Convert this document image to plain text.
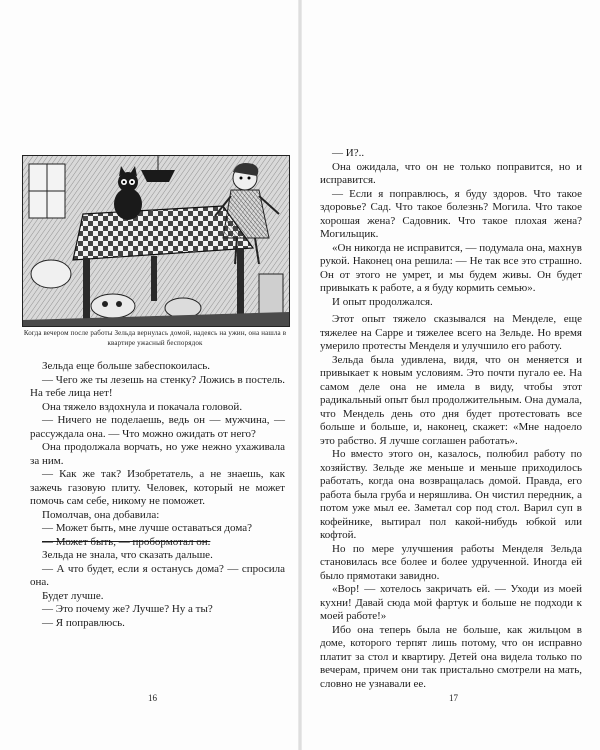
Когда вечером после работы Зельда вернулась домой, надеясь на ужин, она нашла в квартире ужасный беспорядок

Зельда еще больше забеспокоилась.

— Чего же ты лезешь на стенку? Ложись в постель. На тебе лица нет!

Она тяжело вздохнула и покачала головой.

— Ничего не поделаешь, ведь он — мужчина, — рассуждала она. — Что можно ожидать от него?

Она продолжала ворчать, но уже нежно ухаживала за ним.

— Как же так? Изобретатель, а не знаешь, как зажечь газовую плиту. Человек, который не может помочь сам себе, никому не поможет.

Помолчав, она добавила:

— Может быть, мне лучше оставаться дома?

— Может быть, — пробормотал он.

Зельда не знала, что сказать дальше.

— А что будет, если я останусь дома? — спросила она.

Будет лучше.

— Это почему же? Лучше? Ну а ты?

— Я поправлюсь.

16

— И?..

Она ожидала, что он не только поправится, но и исправится.

— Если я поправлюсь, я буду здоров. Что такое здоровье? Сад. Что такое болезнь? Могила. Что такое хорошая жена? Садовник. Что такое плохая жена? Могильщик.

«Он никогда не исправится, — подумала она, махнув рукой. Наконец она решила: — Не так все это страшно. Он от этого не умрет, и мы будем живы. Он будет привыкать к работе, а я буду кормить семью».

И опыт продолжался.

Этот опыт тяжело сказывался на Менделе, еще тяжелее на Сарре и тяжелее всего на Зельде. Но время умерило протесты Менделя и улучшило его работу.

Зельда была удивлена, видя, что он меняется и привыкает к новым условиям. Это почти пугало ее. На самом деле она не имела в виду, чтобы этот радикальный опыт был продолжительным. Она думала, что Мендель день ото дня будет протестовать все больше и больше, и, наконец, скажет: «Мне надоело это рабство. Я лучше соглашен работать».

Но вместо этого он, казалось, полюбил работу по хозяйству. Зельде же меньше и меньше приходилось работать, когда она возвращалась домой. Правда, его работа была груба и неряшлива. Он чистил передник, а потом уже мыл ее. Заметал сор под стол. Варил суп в кофейнике, вытирал пол какой-нибудь юбкой или кофтой.

Но по мере улучшения работы Менделя Зельда становилась все более и более удрученной. Иногда ей было прямотаки завидно.

«Вор! — хотелось закричать ей. — Уходи из моей кухни! Давай сюда мой фартук и больше не подходи к моей работе!»

Ибо она теперь была не больше, как жильцом в доме, которого терпят лишь потому, что он исправно платит за стол и квартиру. Детей она видела только по вечерам, причем они так пристально смотрели на мать, словно не узнавали ее.

17
